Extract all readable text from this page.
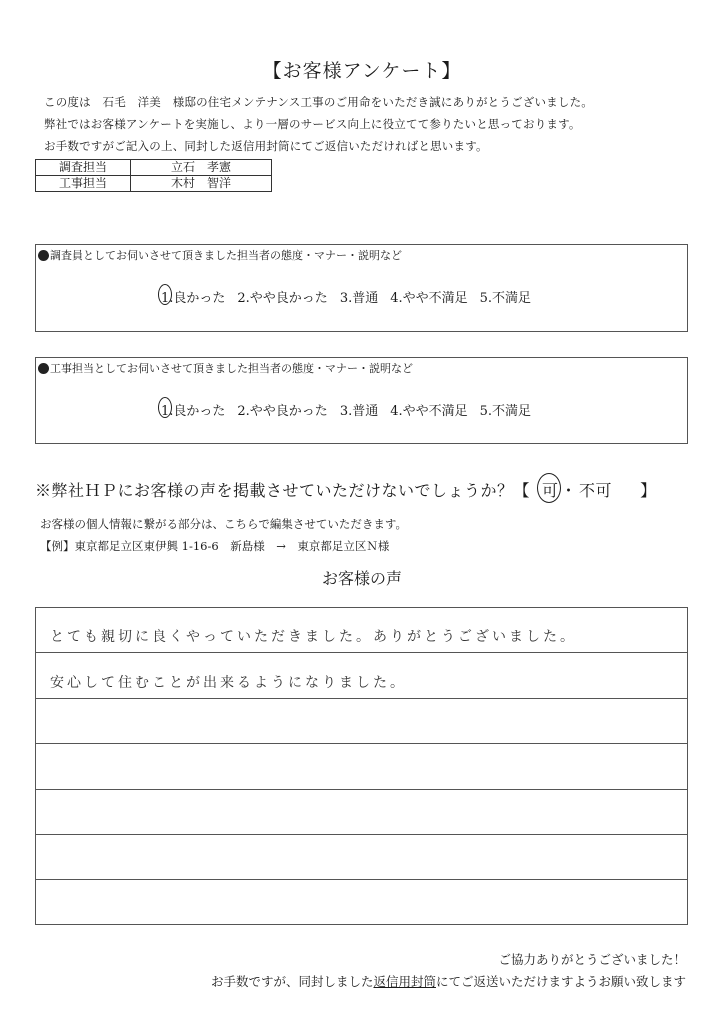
【お客様アンケート】
この度は　石毛　洋美　様邸の住宅メンテナンス工事のご用命をいただき誠にありがとうございました。
弊社ではお客様アンケートを実施し、より一層のサービス向上に役立てて参りたいと思っております。
お手数ですがご記入の上、同封した返信用封筒にてご返信いただければと思います。
調査担当	立石　孝憲
工事担当	木村　智洋
調査員としてお伺いさせて頂きました担当者の態度・マナー・説明など
1.良かった 2.やや良かった 3.普通 4.やや不満足 5.不満足
工事担当としてお伺いさせて頂きました担当者の態度・マナー・説明など
1.良かった 2.やや良かった 3.普通 4.やや不満足 5.不満足
※弊社ＨＰにお客様の声を掲載させていただけないでしょうか？【 可 ・ 不可 】
お客様の個人情報に繋がる部分は、こちらで編集させていただきます。
【例】東京都足立区東伊興 1-16-6　新島様　→　東京都足立区Ｎ様
お客様の声
とても親切に良くやっていただきました。ありがとうございました。
安心して住むことが出来るようになりました。
ご協力ありがとうございました！
お手数ですが、同封しました返信用封筒にてご返送いただけますようお願い致します
